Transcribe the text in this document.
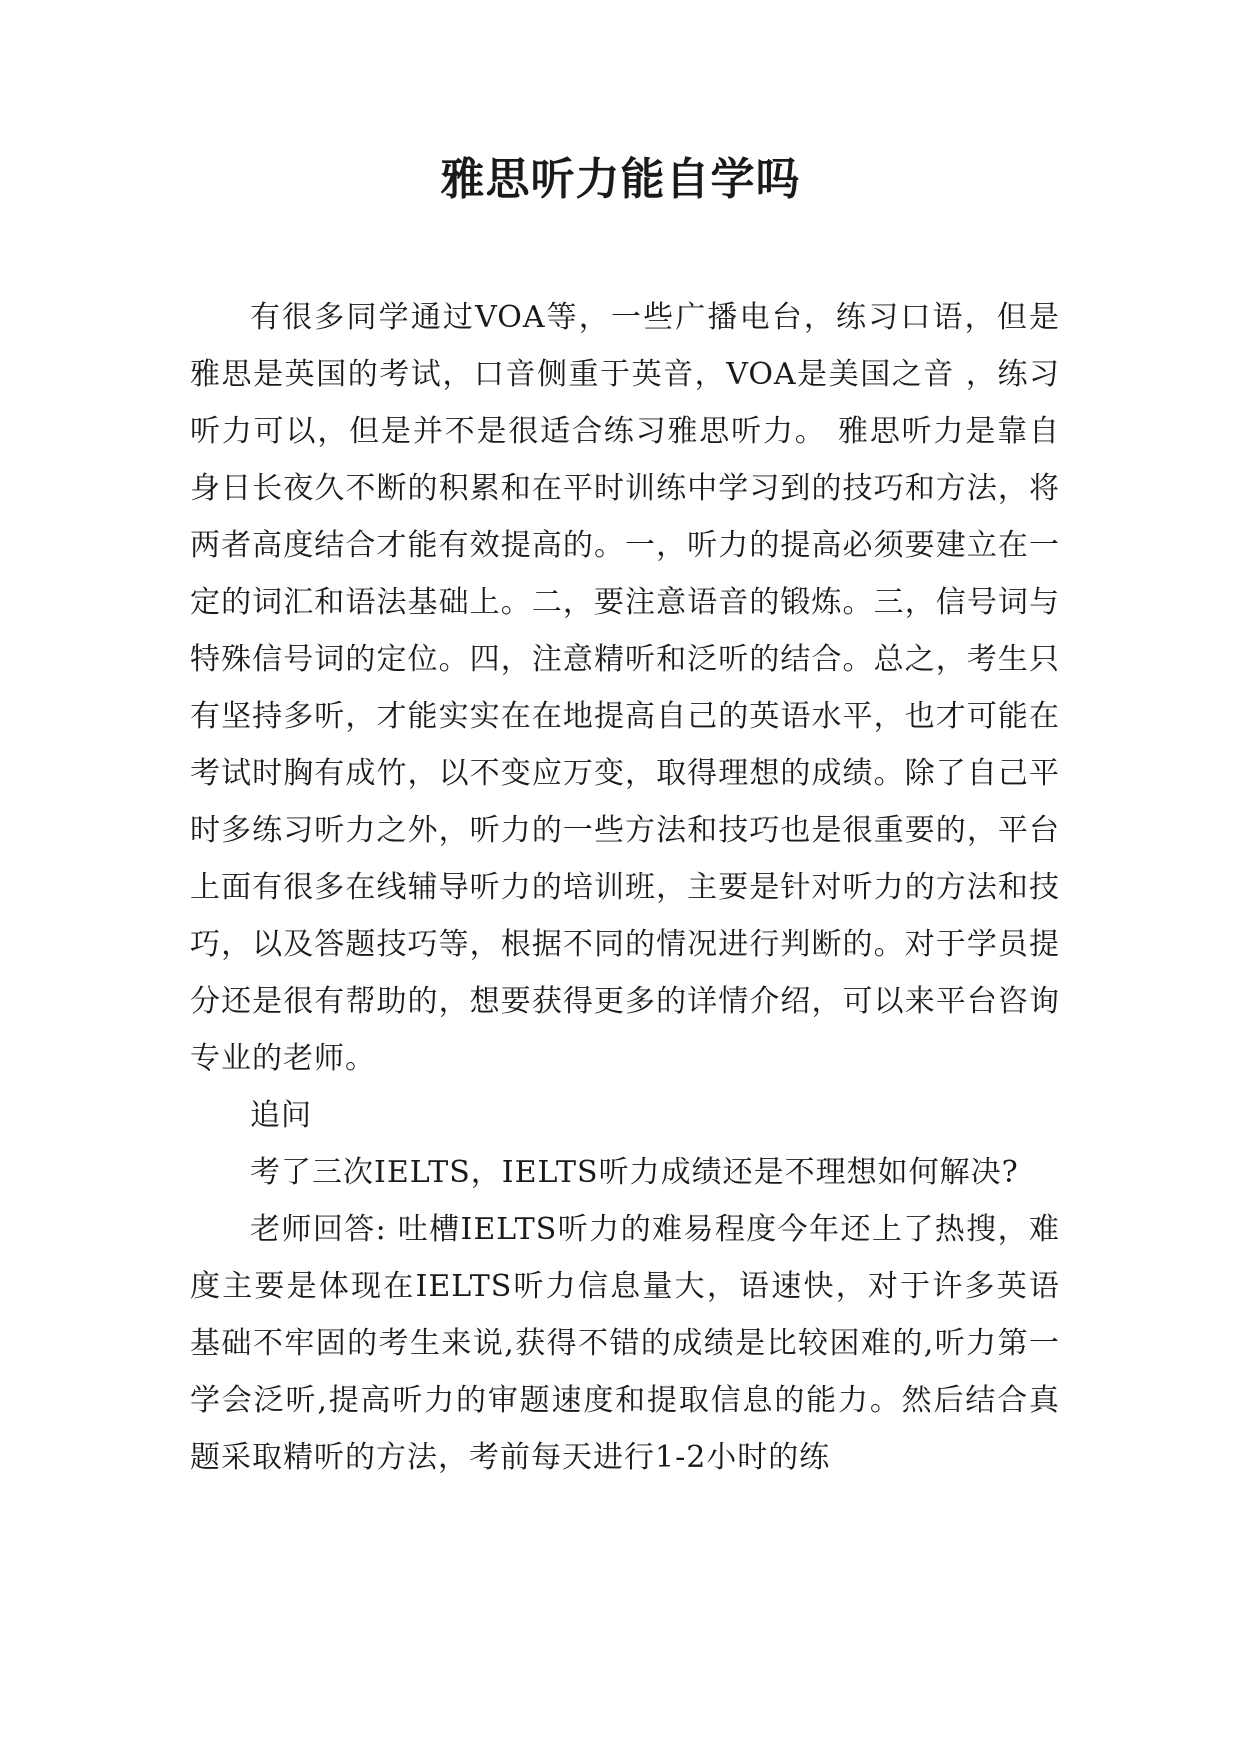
雅思听力能自学吗

有很多同学通过VOA等，一些广播电台，练习口语，但是雅思是英国的考试，口音侧重于英音，VOA是美国之音 ，练习听力可以，但是并不是很适合练习雅思听力。 雅思听力是靠自身日长夜久不断的积累和在平时训练中学习到的技巧和方法，将两者高度结合才能有效提高的。一，听力的提高必须要建立在一定的词汇和语法基础上。二，要注意语音的锻炼。三，信号词与特殊信号词的定位。四，注意精听和泛听的结合。总之，考生只有坚持多听，才能实实在在地提高自己的英语水平，也才可能在考试时胸有成竹，以不变应万变，取得理想的成绩。除了自己平时多练习听力之外，听力的一些方法和技巧也是很重要的，平台上面有很多在线辅导听力的培训班，主要是针对听力的方法和技巧，以及答题技巧等，根据不同的情况进行判断的。对于学员提分还是很有帮助的，想要获得更多的详情介绍，可以来平台咨询专业的老师。

追问

考了三次IELTS，IELTS听力成绩还是不理想如何解决?

老师回答: 吐槽IELTS听力的难易程度今年还上了热搜，难度主要是体现在IELTS听力信息量大，语速快，对于许多英语基础不牢固的考生来说,获得不错的成绩是比较困难的,听力第一学会泛听,提高听力的审题速度和提取信息的能力。然后结合真题采取精听的方法，考前每天进行1-2小时的练
